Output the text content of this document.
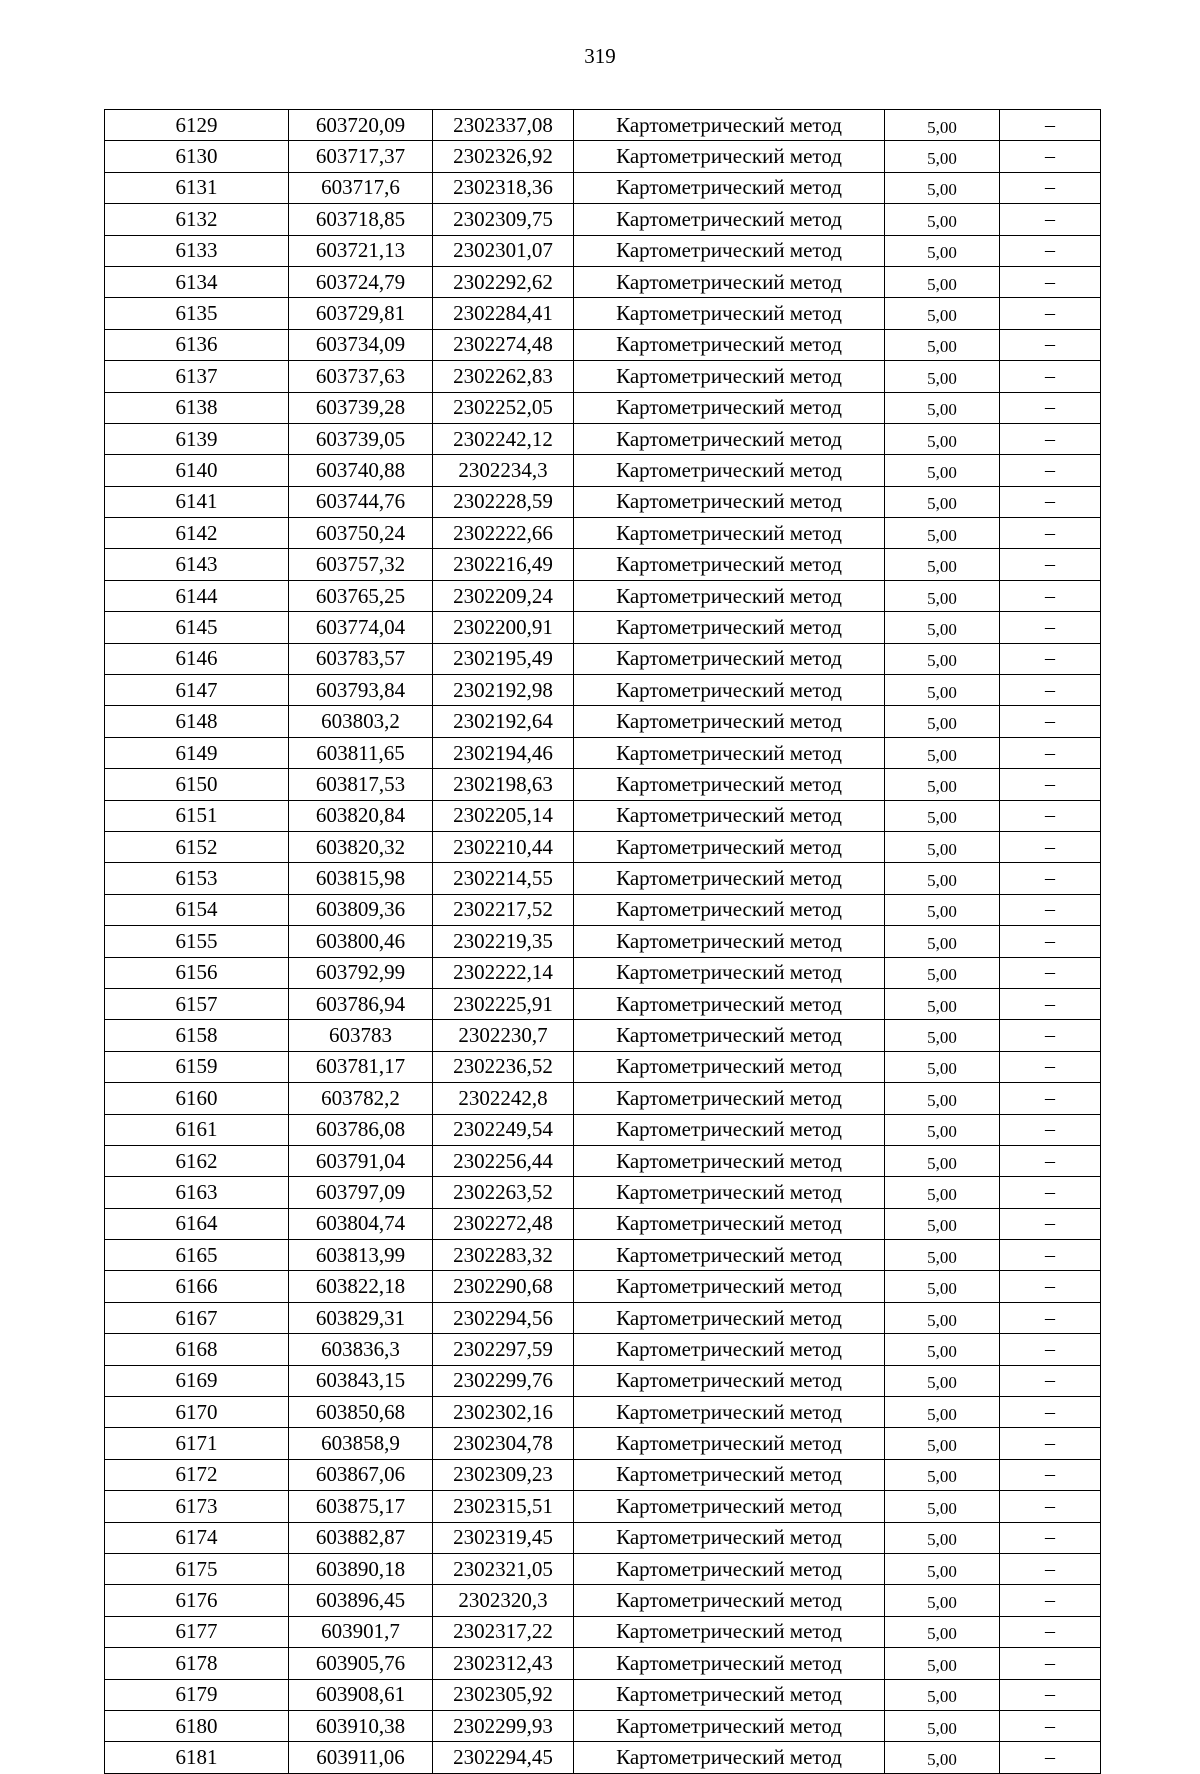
319
6129	603720,09	2302337,08	Картометрический метод	5,00	–
6130	603717,37	2302326,92	Картометрический метод	5,00	–
6131	603717,6	2302318,36	Картометрический метод	5,00	–
6132	603718,85	2302309,75	Картометрический метод	5,00	–
6133	603721,13	2302301,07	Картометрический метод	5,00	–
6134	603724,79	2302292,62	Картометрический метод	5,00	–
6135	603729,81	2302284,41	Картометрический метод	5,00	–
6136	603734,09	2302274,48	Картометрический метод	5,00	–
6137	603737,63	2302262,83	Картометрический метод	5,00	–
6138	603739,28	2302252,05	Картометрический метод	5,00	–
6139	603739,05	2302242,12	Картометрический метод	5,00	–
6140	603740,88	2302234,3	Картометрический метод	5,00	–
6141	603744,76	2302228,59	Картометрический метод	5,00	–
6142	603750,24	2302222,66	Картометрический метод	5,00	–
6143	603757,32	2302216,49	Картометрический метод	5,00	–
6144	603765,25	2302209,24	Картометрический метод	5,00	–
6145	603774,04	2302200,91	Картометрический метод	5,00	–
6146	603783,57	2302195,49	Картометрический метод	5,00	–
6147	603793,84	2302192,98	Картометрический метод	5,00	–
6148	603803,2	2302192,64	Картометрический метод	5,00	–
6149	603811,65	2302194,46	Картометрический метод	5,00	–
6150	603817,53	2302198,63	Картометрический метод	5,00	–
6151	603820,84	2302205,14	Картометрический метод	5,00	–
6152	603820,32	2302210,44	Картометрический метод	5,00	–
6153	603815,98	2302214,55	Картометрический метод	5,00	–
6154	603809,36	2302217,52	Картометрический метод	5,00	–
6155	603800,46	2302219,35	Картометрический метод	5,00	–
6156	603792,99	2302222,14	Картометрический метод	5,00	–
6157	603786,94	2302225,91	Картометрический метод	5,00	–
6158	603783	2302230,7	Картометрический метод	5,00	–
6159	603781,17	2302236,52	Картометрический метод	5,00	–
6160	603782,2	2302242,8	Картометрический метод	5,00	–
6161	603786,08	2302249,54	Картометрический метод	5,00	–
6162	603791,04	2302256,44	Картометрический метод	5,00	–
6163	603797,09	2302263,52	Картометрический метод	5,00	–
6164	603804,74	2302272,48	Картометрический метод	5,00	–
6165	603813,99	2302283,32	Картометрический метод	5,00	–
6166	603822,18	2302290,68	Картометрический метод	5,00	–
6167	603829,31	2302294,56	Картометрический метод	5,00	–
6168	603836,3	2302297,59	Картометрический метод	5,00	–
6169	603843,15	2302299,76	Картометрический метод	5,00	–
6170	603850,68	2302302,16	Картометрический метод	5,00	–
6171	603858,9	2302304,78	Картометрический метод	5,00	–
6172	603867,06	2302309,23	Картометрический метод	5,00	–
6173	603875,17	2302315,51	Картометрический метод	5,00	–
6174	603882,87	2302319,45	Картометрический метод	5,00	–
6175	603890,18	2302321,05	Картометрический метод	5,00	–
6176	603896,45	2302320,3	Картометрический метод	5,00	–
6177	603901,7	2302317,22	Картометрический метод	5,00	–
6178	603905,76	2302312,43	Картометрический метод	5,00	–
6179	603908,61	2302305,92	Картометрический метод	5,00	–
6180	603910,38	2302299,93	Картометрический метод	5,00	–
6181	603911,06	2302294,45	Картометрический метод	5,00	–
